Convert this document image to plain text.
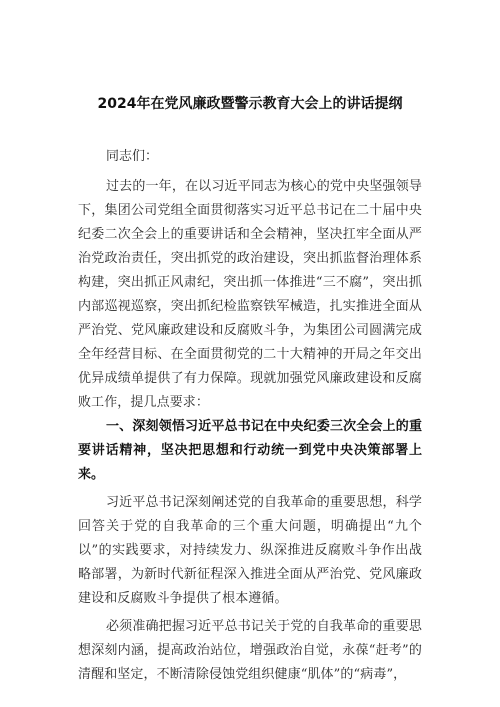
2024年在党风廉政暨警示教育大会上的讲话提纲

同志们：

过去的一年，在以习近平同志为核心的党中央坚强领导下，集团公司党组全面贯彻落实习近平总书记在二十届中央纪委二次全会上的重要讲话和全会精神，坚决扛牢全面从严治党政治责任，突出抓党的政治建设，突出抓监督治理体系构建，突出抓正风肃纪，突出抓一体推进“三不腐”，突出抓内部巡视巡察，突出抓纪检监察铁军械造，扎实推进全面从严治党、党风廉政建设和反腐败斗争，为集团公司圆满完成全年经营目标、在全面贯彻党的二十大精神的开局之年交出优异成绩单提供了有力保障。现就加强党风廉政建设和反腐败工作，提几点要求：

一、深刻领悟习近平总书记在中央纪委三次全会上的重要讲话精神，坚决把思想和行动统一到党中央决策部署上来。

习近平总书记深刻阐述党的自我革命的重要思想，科学回答关于党的自我革命的三个重大问题，明确提出“九个以”的实践要求，对持续发力、纵深推进反腐败斗争作出战略部署，为新时代新征程深入推进全面从严治党、党风廉政建设和反腐败斗争提供了根本遵循。

必须准确把握习近平总书记关于党的自我革命的重要思想深刻内涵，提高政治站位，增强政治自觉，永葆“赶考”的清醒和坚定，不断清除侵蚀党组织健康“肌体”的“病毒”，
